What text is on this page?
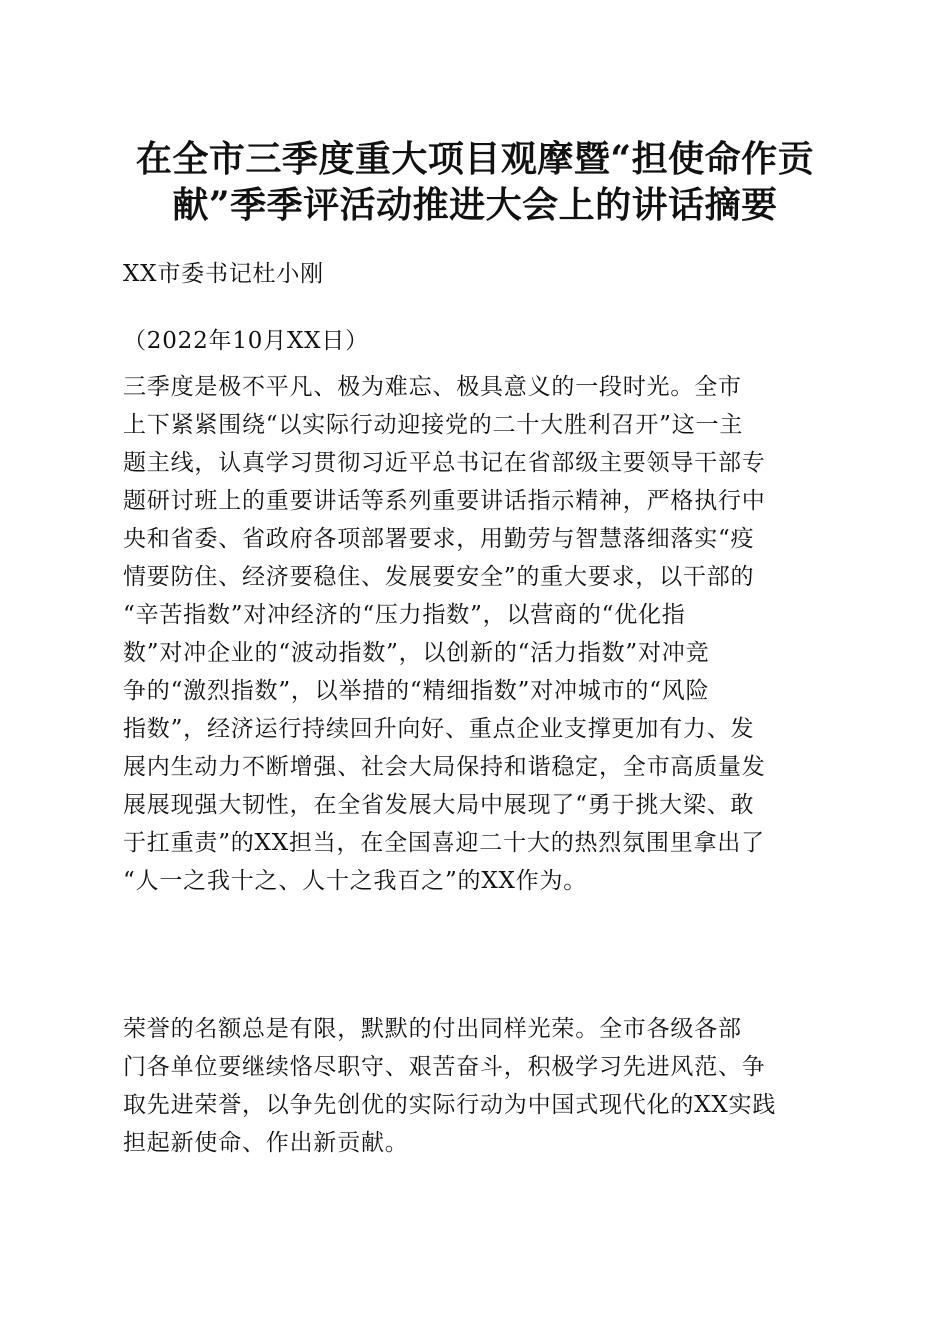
在全市三季度重大项目观摩暨“担使命作贡
献”季季评活动推进大会上的讲话摘要

XX市委书记杜小刚

（2022年10月XX日）

三季度是极不平凡、极为难忘、极具意义的一段时光。全市
上下紧紧围绕“以实际行动迎接党的二十大胜利召开”这一主
题主线，认真学习贯彻习近平总书记在省部级主要领导干部专
题研讨班上的重要讲话等系列重要讲话指示精神，严格执行中
央和省委、省政府各项部署要求，用勤劳与智慧落细落实“疫
情要防住、经济要稳住、发展要安全”的重大要求，以干部的
“辛苦指数”对冲经济的“压力指数”，以营商的“优化指
数”对冲企业的“波动指数”，以创新的“活力指数”对冲竞
争的“激烈指数”，以举措的“精细指数”对冲城市的“风险
指数”，经济运行持续回升向好、重点企业支撑更加有力、发
展内生动力不断增强、社会大局保持和谐稳定，全市高质量发
展展现强大韧性，在全省发展大局中展现了“勇于挑大梁、敢
于扛重责”的XX担当，在全国喜迎二十大的热烈氛围里拿出了
“人一之我十之、人十之我百之”的XX作为。
荣誉的名额总是有限，默默的付出同样光荣。全市各级各部
门各单位要继续恪尽职守、艰苦奋斗，积极学习先进风范、争
取先进荣誉，以争先创优的实际行动为中国式现代化的XX实践
担起新使命、作出新贡献。
